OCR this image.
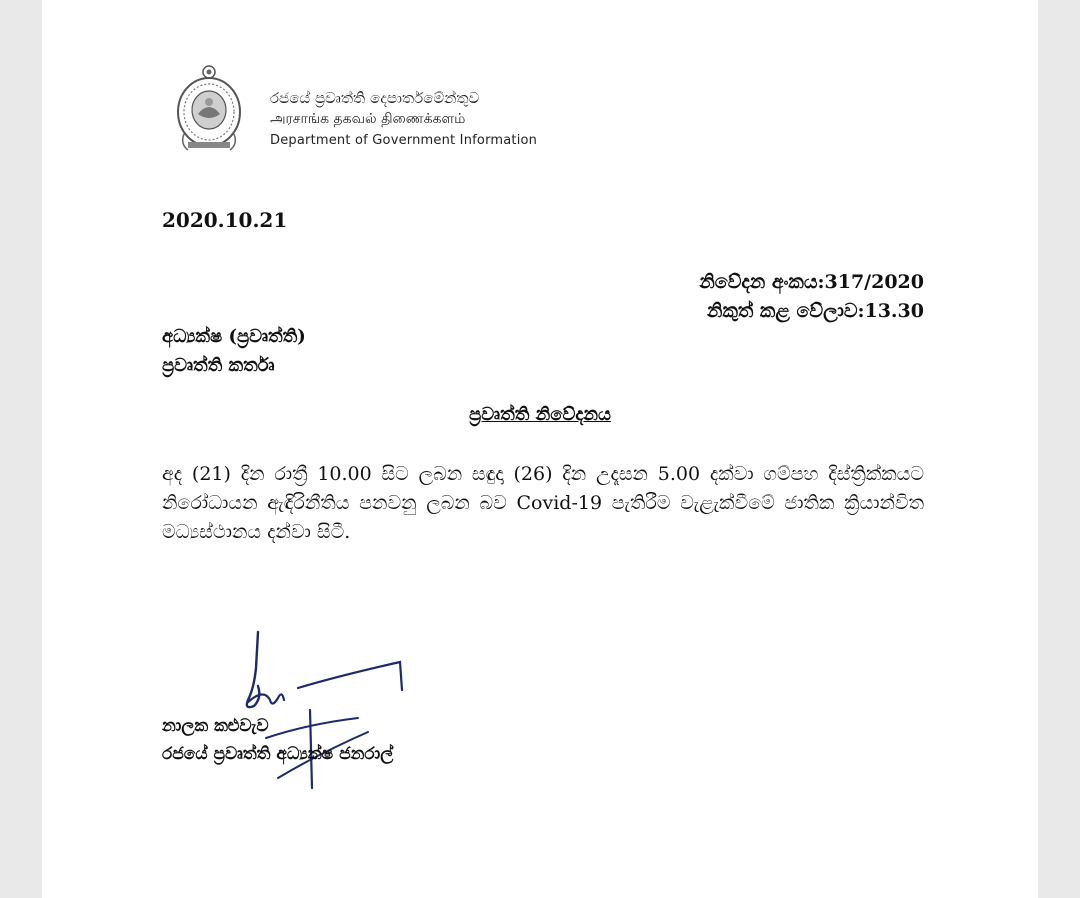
රජයේ ප්‍රවෘත්ති දෙපාර්තමේන්තුව
அரசாங்க தகவல் திணைக்களம்
Department of Government Information
2020.10.21
නිවේදන අංකය:317/2020
නිකුත් කළ වේලාව:13.30
අධ්‍යක්ෂ (ප්‍රවෘත්ති)
ප්‍රවෘත්ති කර්තෘ
ප්‍රවෘත්ති නිවේදනය
අද (21) දින රාත්‍රී 10.00 සිට ලබන සඳුදා (26) දින උදෑසන 5.00 දක්වා ගම්පහ දිස්ත්‍රික්කයට නිරෝධායන ඇඳිරිනීතිය පනවනු ලබන බව Covid-19 පැතිරීම වැළැක්වීමේ ජාතික ක්‍රියාන්විත මධ්‍යස්ථානය දන්වා සිටී.
නාලක කළුවැව
රජයේ ප්‍රවෘත්ති අධ්‍යක්ෂ ජනරාල්
